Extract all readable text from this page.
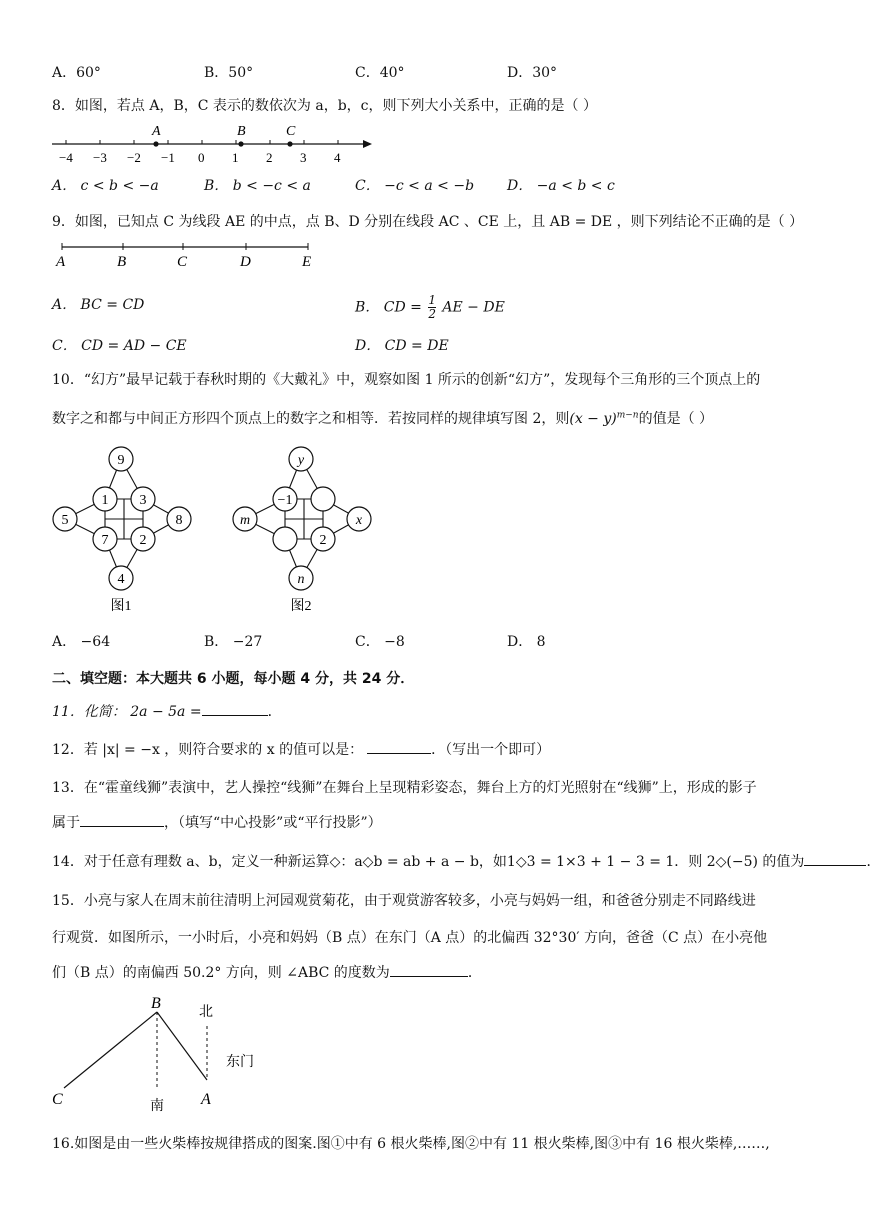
A．60°	B．50°	C．40°	D．30°
8．如图，若点 A，B，C 表示的数依次为 a，b，c，则下列大小关系中，正确的是（ ）
−4 −3 −2 −1 0 1 2 3 4
A	B	C
A． c < b < −a	B． b < −c < a	C． −c < a < −b D． −a < b < c
9．如图，已知点 C 为线段 AE 的中点，点 B、D 分别在线段 AC 、CE 上，且 AB = DE ，则下列结论不正确的是（ ）
A	B	C	D	E
A． BC = CD	B． CD = $\frac{1}{2}$ AE − DE
C． CD = AD − CE	D． CD = DE
10．“幻方”最早记载于春秋时期的《大戴礼》中，观察如图 1 所示的创新“幻方”，发现每个三角形的三个顶点上的
数字之和都与中间正方形四个顶点上的数字之和相等．若按同样的规律填写图 2，则$(x - y)^{m-n}$的值是（ ）
9
5	8
4
1 3
7 2
图1
y
m	x
n
−1
2
图2
A． −64	B． −27	C． −8	D． 8
二、填空题：本大题共 6 小题，每小题 4 分，共 24 分．
11．化简： 2a − 5a =	．
12．若 |x| = −x ，则符合要求的 x 的值可以是：	．（写出一个即可）
13．在“霍童线狮”表演中，艺人操控“线狮”在舞台上呈现精彩姿态，舞台上方的灯光照射在“线狮”上，形成的影子
属于	，（填写“中心投影”或“平行投影”）
14．对于任意有理数 a、b，定义一种新运算◇：a◇b = ab + a − b，如1◇3 = 1×3 + 1 − 3 = 1．则 2◇(−5) 的值为	．
15．小亮与家人在周末前往清明上河园观赏菊花，由于观赏游客较多，小亮与妈妈一组，和爸爸分别走不同路线进
行观赏．如图所示，一小时后，小亮和妈妈（B 点）在东门（A 点）的北偏西 32°30′ 方向，爸爸（C 点）在小亮他
们（B 点）的南偏西 50.2° 方向，则 ∠ABC 的度数为	．
B
C	A
北
南
东门
16.如图是由一些火柴棒按规律搭成的图案.图①中有 6 根火柴棒,图②中有 11 根火柴棒,图③中有 16 根火柴棒,……,
